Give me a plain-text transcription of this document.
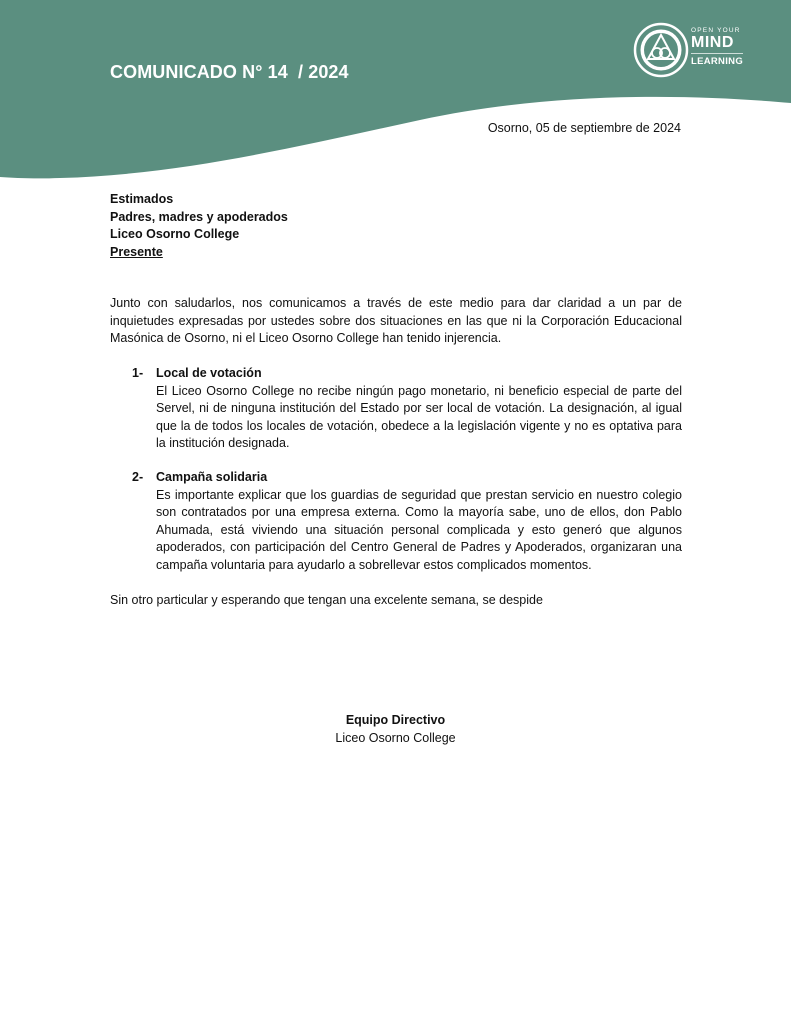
COMUNICADO N° 14  / 2024
OPEN YOUR
MIND
LEARNING
Osorno, 05 de septiembre de 2024
Estimados
Padres, madres y apoderados
Liceo Osorno College
Presente

Junto con saludarlos, nos comunicamos a través de este medio para dar claridad a un par de inquietudes expresadas por ustedes sobre dos situaciones en las que ni la Corporación Educacional Masónica de Osorno, ni el Liceo Osorno College han tenido injerencia.

1- Local de votación
El Liceo Osorno College no recibe ningún pago monetario, ni beneficio especial de parte del Servel, ni de ninguna institución del Estado por ser local de votación. La designación, al igual que la de todos los locales de votación, obedece a la legislación vigente y no es optativa para la institución designada.
2- Campaña solidaria
Es importante explicar que los guardias de seguridad que prestan servicio en nuestro colegio son contratados por una empresa externa. Como la mayoría sabe, uno de ellos, don Pablo Ahumada, está viviendo una situación personal complicada y esto generó que algunos apoderados, con participación del Centro General de Padres y Apoderados, organizaran una campaña voluntaria para ayudarlo a sobrellevar estos complicados momentos.

Sin otro particular y esperando que tengan una excelente semana, se despide

Equipo Directivo
Liceo Osorno College
